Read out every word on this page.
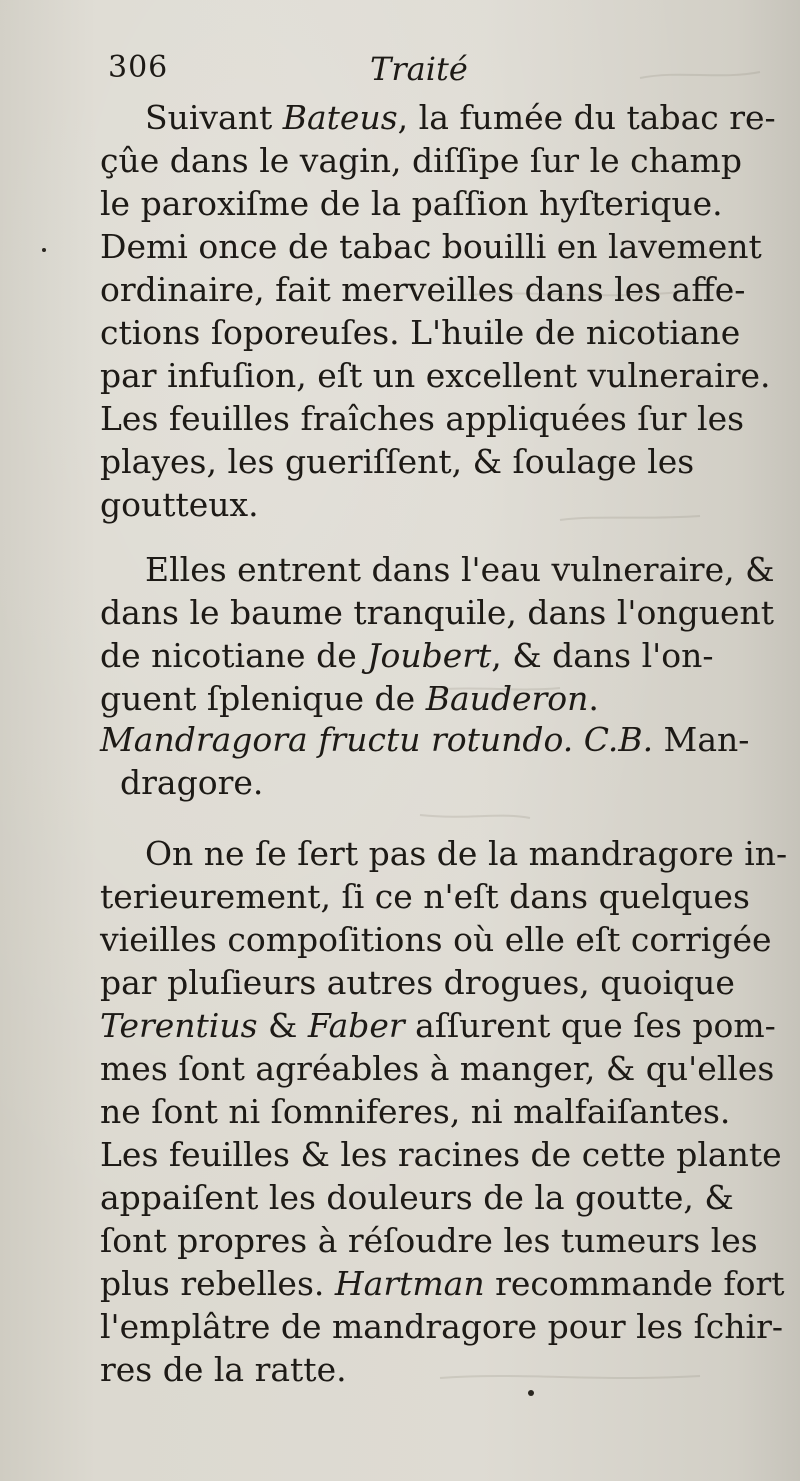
306	Traité
Suivant Bateus, la fumée du tabac re-
çûe dans le vagin, diſſipe ſur le champ
le paroxiſme de la paſſion hyſterique.
Demi once de tabac bouilli en lavement
ordinaire, fait merveilles dans les affe-
ctions ſoporeuſes. L'huile de nicotiane
par infuſion, eſt un excellent vulneraire.
Les feuilles fraîches appliquées ſur les
playes, les gueriſſent, & ſoulage les
goutteux.
Elles entrent dans l'eau vulneraire, &
dans le baume tranquile, dans l'onguent
de nicotiane de Joubert, & dans l'on-
guent ſplenique de Bauderon.
Mandragora fructu rotundo. C.B. Man-
dragore.
On ne ſe ſert pas de la mandragore in-
terieurement, ſi ce n'eſt dans quelques
vieilles compoſitions où elle eſt corrigée
par pluſieurs autres drogues, quoique
Terentius & Faber aſſurent que ſes pom-
mes ſont agréables à manger, & qu'elles
ne ſont ni ſomniferes, ni malfaiſantes.
Les feuilles & les racines de cette plante
appaiſent les douleurs de la goutte, &
ſont propres à réſoudre les tumeurs les
plus rebelles. Hartman recommande fort
l'emplâtre de mandragore pour les ſchir-
res de la ratte.
